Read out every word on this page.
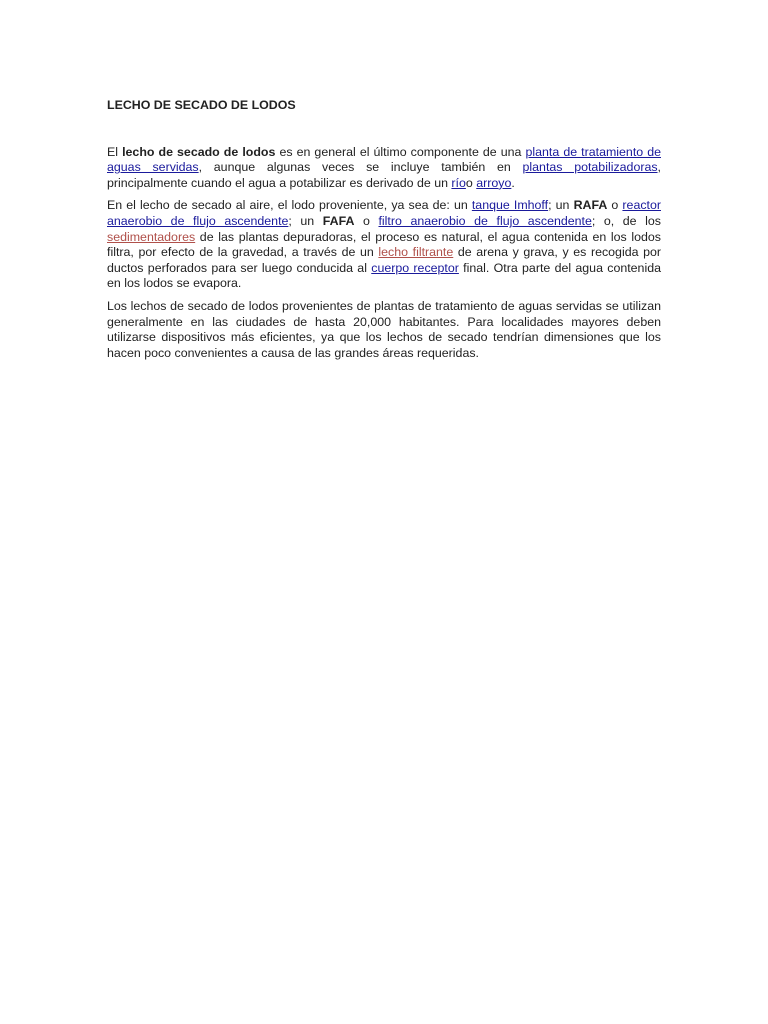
LECHO DE SECADO DE LODOS

El lecho de secado de lodos es en general el último componente de una planta de tratamiento de aguas servidas, aunque algunas veces se incluye también en plantas potabilizadoras, principalmente cuando el agua a potabilizar es derivado de un ríoo arroyo.

En el lecho de secado al aire, el lodo proveniente, ya sea de: un tanque Imhoff; un RAFA o reactor anaerobio de flujo ascendente; un FAFA o filtro anaerobio de flujo ascendente; o, de los sedimentadores de las plantas depuradoras, el proceso es natural, el agua contenida en los lodos filtra, por efecto de la gravedad, a través de un lecho filtrante de arena y grava, y es recogida por ductos perforados para ser luego conducida al cuerpo receptor final. Otra parte del agua contenida en los lodos se evapora.

Los lechos de secado de lodos provenientes de plantas de tratamiento de aguas servidas se utilizan generalmente en las ciudades de hasta 20,000 habitantes. Para localidades mayores deben utilizarse dispositivos más eficientes, ya que los lechos de secado tendrían dimensiones que los hacen poco convenientes a causa de las grandes áreas requeridas.
